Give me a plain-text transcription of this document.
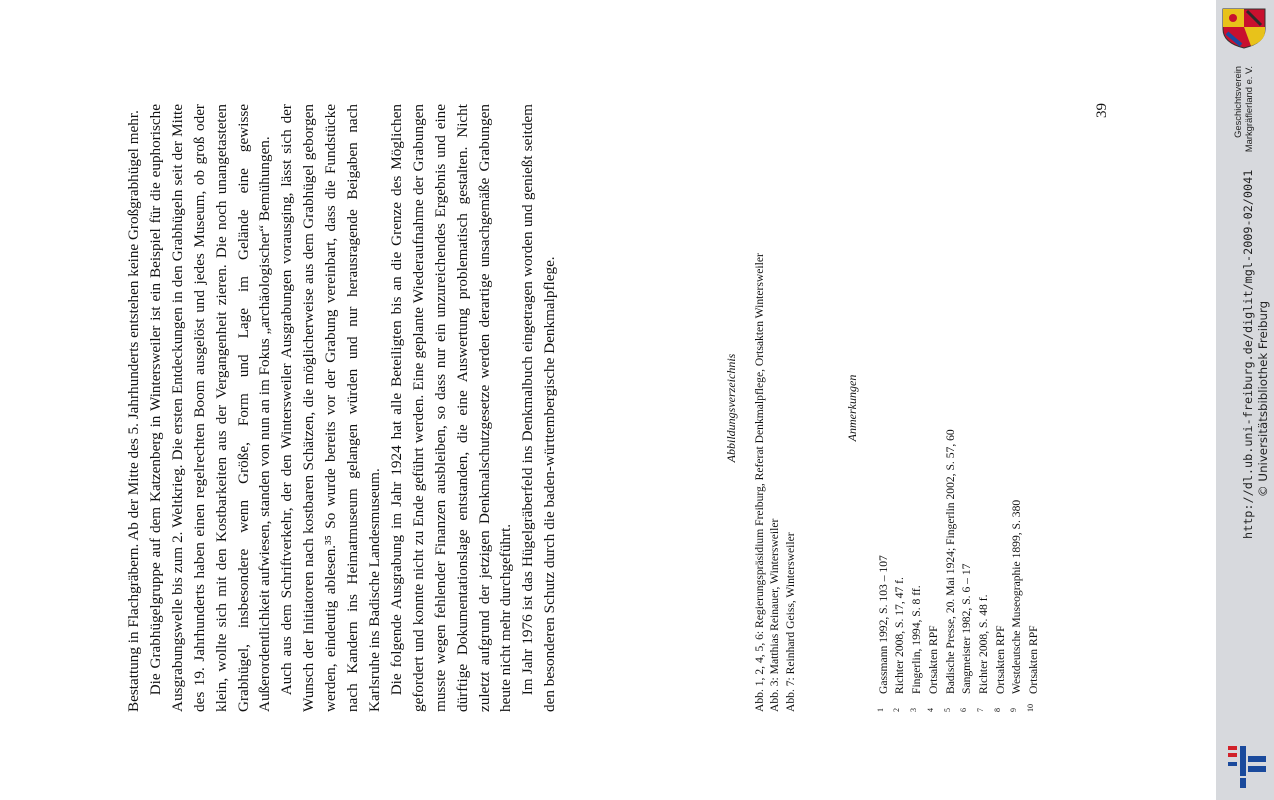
Bestattung in Flachgräbern. Ab der Mitte des 5. Jahrhunderts entstehen keine Großgrabhügel mehr. Die Grabhügelgruppe auf dem Katzenberg in Wintersweiler ist ein Beispiel für die euphorische Ausgrabungswelle bis zum 2. Weltkrieg. Die ersten Entdeckungen in den Grabhügeln seit der Mitte des 19. Jahrhunderts haben einen regelrechten Boom ausgelöst und jedes Museum, ob groß oder klein, wollte sich mit den Kostbarkeiten aus der Vergangenheit zieren. Die noch unangetasteten Grabhügel, insbesondere wenn Größe, Form und Lage im Gelände eine gewisse Außerordentlichkeit aufwiesen, standen von nun an im Fokus „archäologischer“ Bemühungen. Auch aus dem Schriftverkehr, der den Wintersweiler Ausgrabungen vorausging, lässt sich der Wunsch der Initiatoren nach kostbaren Schätzen, die möglicherweise aus dem Grabhügel geborgen werden, eindeutig ablesen.³⁵ So wurde bereits vor der Grabung vereinbart, dass die Fundstücke nach Kandern ins Heimatmuseum gelangen würden und nur herausragende Beigaben nach Karlsruhe ins Badische Landesmuseum. Die folgende Ausgrabung im Jahr 1924 hat alle Beteiligten bis an die Grenze des Möglichen gefordert und konnte nicht zu Ende geführt werden. Eine geplante Wiederaufnahme der Grabungen musste wegen fehlender Finanzen ausbleiben, so dass nur ein unzureichendes Ergebnis und eine dürftige Dokumentationslage entstanden, die eine Auswertung problematisch gestalten. Nicht zuletzt aufgrund der jetzigen Denkmalschutzgesetze werden derartige unsachgemäße Grabungen heute nicht mehr durchgeführt. Im Jahr 1976 ist das Hügelgräberfeld ins Denkmalbuch eingetragen worden und genießt seitdem den besonderen Schutz durch die baden-württembergische Denkmalpflege.	Abbildungsverzeichnis Abb. 1, 2, 4, 5, 6: Regierungspräsidium Freiburg, Referat Denkmalpflege, Ortsakten Wintersweiler Abb. 3: Matthias Reinauer, Wintersweiler Abb. 7: Reinhard Geiss, Wintersweiler
Anmerkungen
$^1$Gassmann 1992, S. 103 – 107
$^2$Richter 2008, S. 17, 47 f.
$^3$Fingerlin, 1994, S. 8 ff.
$^4$Ortsakten RPF
$^5$Badische Presse, 20. Mai 1924; Fingerlin 2002, S. 57, 60
$^6$Sangmeister 1982, S. 6 – 17
$^7$Richter 2008, S. 48 f.
$^8$Ortsakten RPF
$^9$Westdeutsche Museographie 1899, S. 380
$^{10}$Ortsakten RPF
39	Geschichtsverein Markgräflerland e. V.
http://dl.ub.uni-freiburg.de/diglit/mgl-2009-02/0041 © Universitätsbibliothek Freiburg
